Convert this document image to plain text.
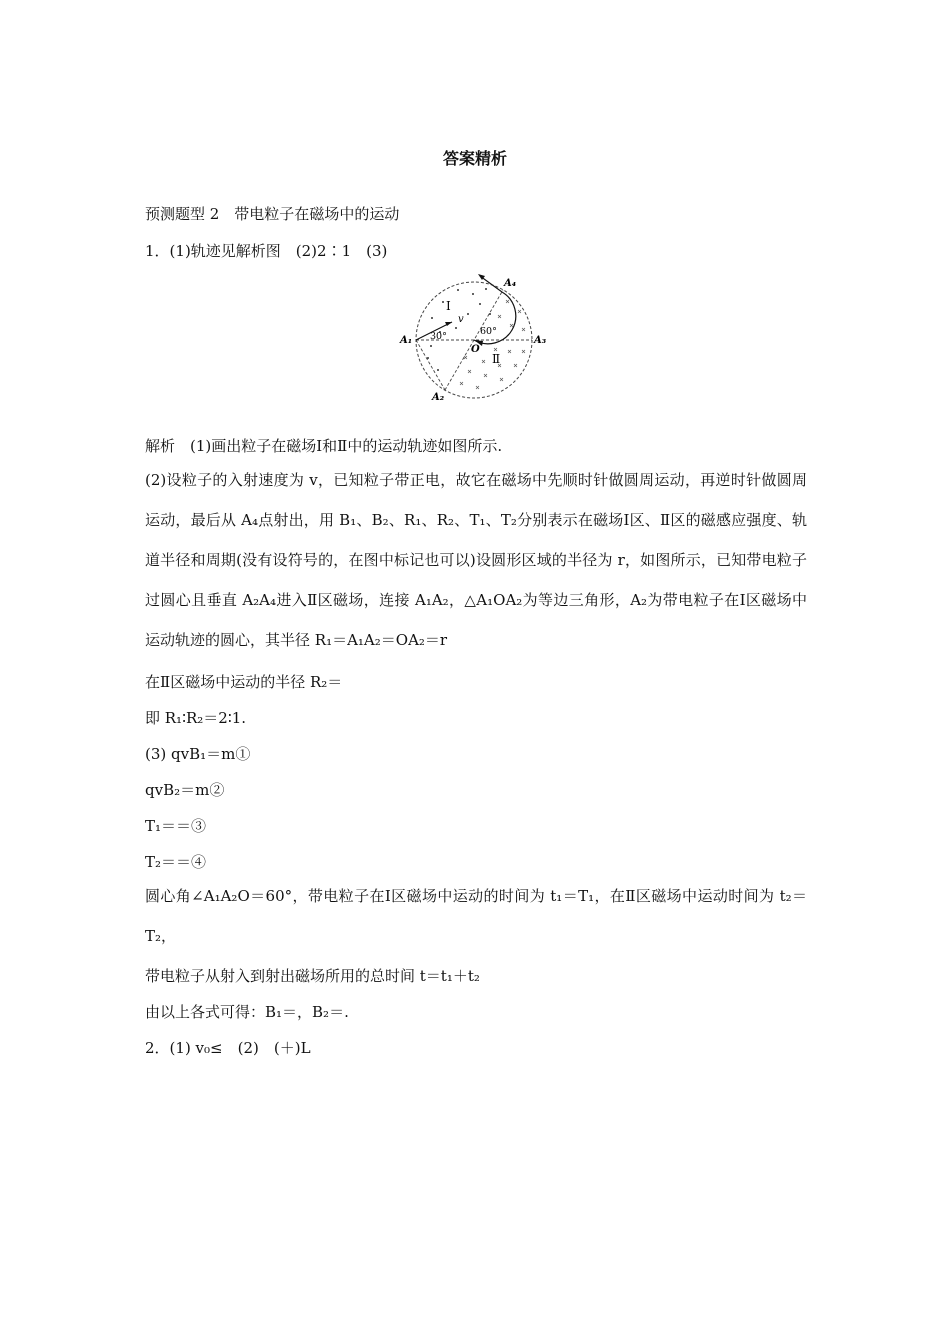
答案精析
预测题型 2　带电粒子在磁场中的运动
1．(1)轨迹见解析图　(2)2∶1　(3)
A₄
A₁	A₃
A₂
Ⅰ
Ⅱ
v
O
30°	60°
解析　(1)画出粒子在磁场Ⅰ和Ⅱ中的运动轨迹如图所示.
(2)设粒子的入射速度为 v，已知粒子带正电，故它在磁场中先顺时针做圆周运动，再逆时针做圆周运动，最后从 A₄点射出，用 B₁、B₂、R₁、R₂、T₁、T₂分别表示在磁场Ⅰ区、Ⅱ区的磁感应强度、轨道半径和周期(没有设符号的，在图中标记也可以)设圆形区域的半径为 r，如图所示，已知带电粒子过圆心且垂直 A₂A₄进入Ⅱ区磁场，连接 A₁A₂，△A₁OA₂为等边三角形，A₂为带电粒子在Ⅰ区磁场中运动轨迹的圆心，其半径 R₁＝A₁A₂＝OA₂＝r
在Ⅱ区磁场中运动的半径 R₂＝
即 R₁∶R₂＝2∶1.
(3) qvB₁＝m①
qvB₂＝m②
T₁＝＝③
T₂＝＝④
圆心角∠A₁A₂O＝60°，带电粒子在Ⅰ区磁场中运动的时间为 t₁＝T₁，在Ⅱ区磁场中运动时间为 t₂＝T₂，
带电粒子从射入到射出磁场所用的总时间 t＝t₁＋t₂
由以上各式可得：B₁＝，B₂＝.
2．(1) v₀≤　(2)　(＋)L
